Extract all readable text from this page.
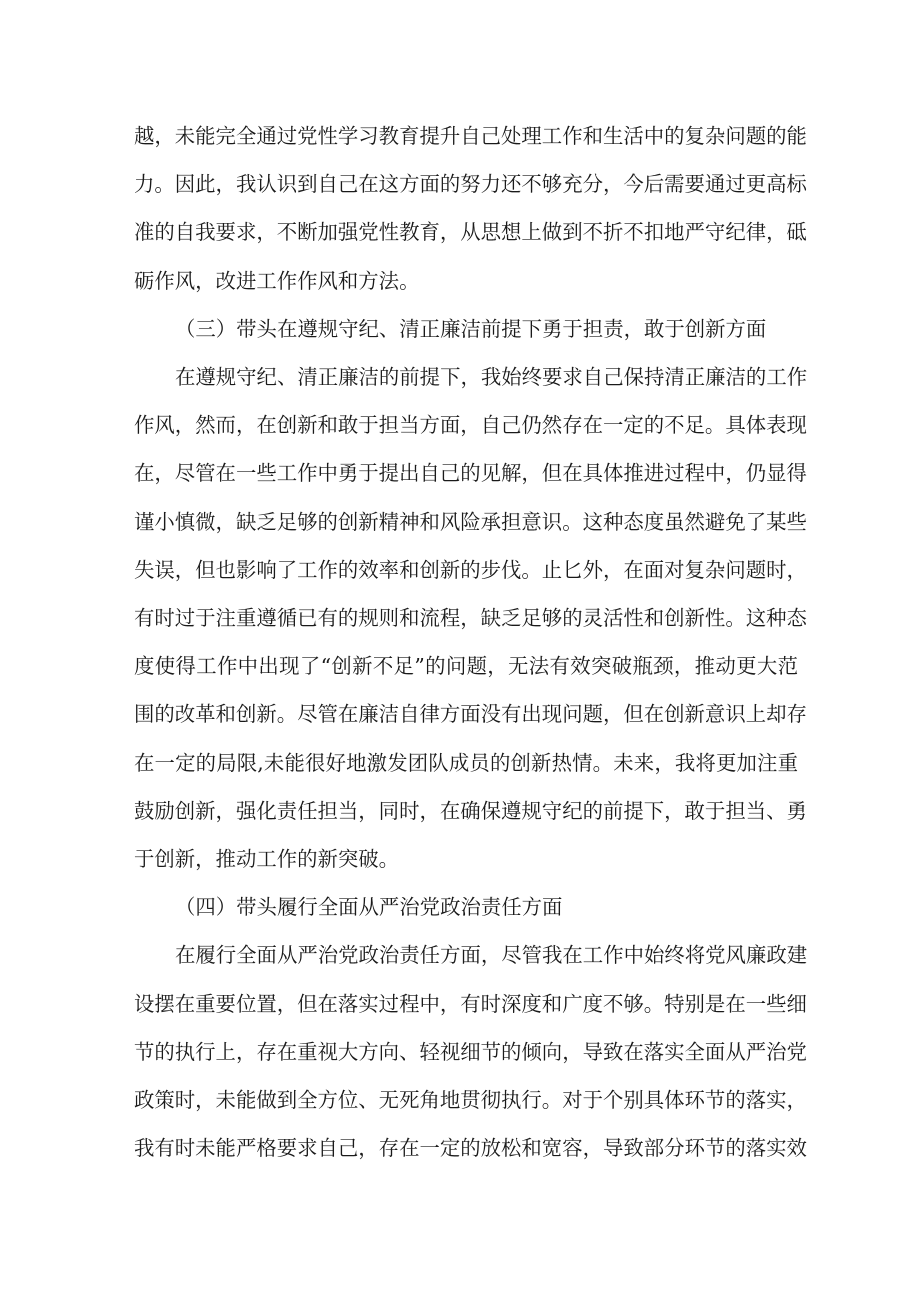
越，未能完全通过党性学习教育提升自己处理工作和生活中的复杂问题的能
力。因此，我认识到自己在这方面的努力还不够充分，今后需要通过更高标
准的自我要求，不断加强党性教育，从思想上做到不折不扣地严守纪律，砥
砺作风，改进工作作风和方法。

（三）带头在遵规守纪、清正廉洁前提下勇于担责，敢于创新方面

在遵规守纪、清正廉洁的前提下，我始终要求自己保持清正廉洁的工作
作风，然而，在创新和敢于担当方面，自己仍然存在一定的不足。具体表现
在，尽管在一些工作中勇于提出自己的见解，但在具体推进过程中，仍显得
谨小慎微，缺乏足够的创新精神和风险承担意识。这种态度虽然避免了某些
失误，但也影响了工作的效率和创新的步伐。止匕外，在面对复杂问题时，
有时过于注重遵循已有的规则和流程，缺乏足够的灵活性和创新性。这种态
度使得工作中出现了“创新不足”的问题，无法有效突破瓶颈，推动更大范
围的改革和创新。尽管在廉洁自律方面没有出现问题，但在创新意识上却存
在一定的局限,未能很好地激发团队成员的创新热情。未来，我将更加注重
鼓励创新，强化责任担当，同时，在确保遵规守纪的前提下，敢于担当、勇
于创新，推动工作的新突破。

（四）带头履行全面从严治党政治责任方面

在履行全面从严治党政治责任方面，尽管我在工作中始终将党风廉政建
设摆在重要位置，但在落实过程中，有时深度和广度不够。特别是在一些细
节的执行上，存在重视大方向、轻视细节的倾向，导致在落实全面从严治党
政策时，未能做到全方位、无死角地贯彻执行。对于个别具体环节的落实，
我有时未能严格要求自己，存在一定的放松和宽容，导致部分环节的落实效
